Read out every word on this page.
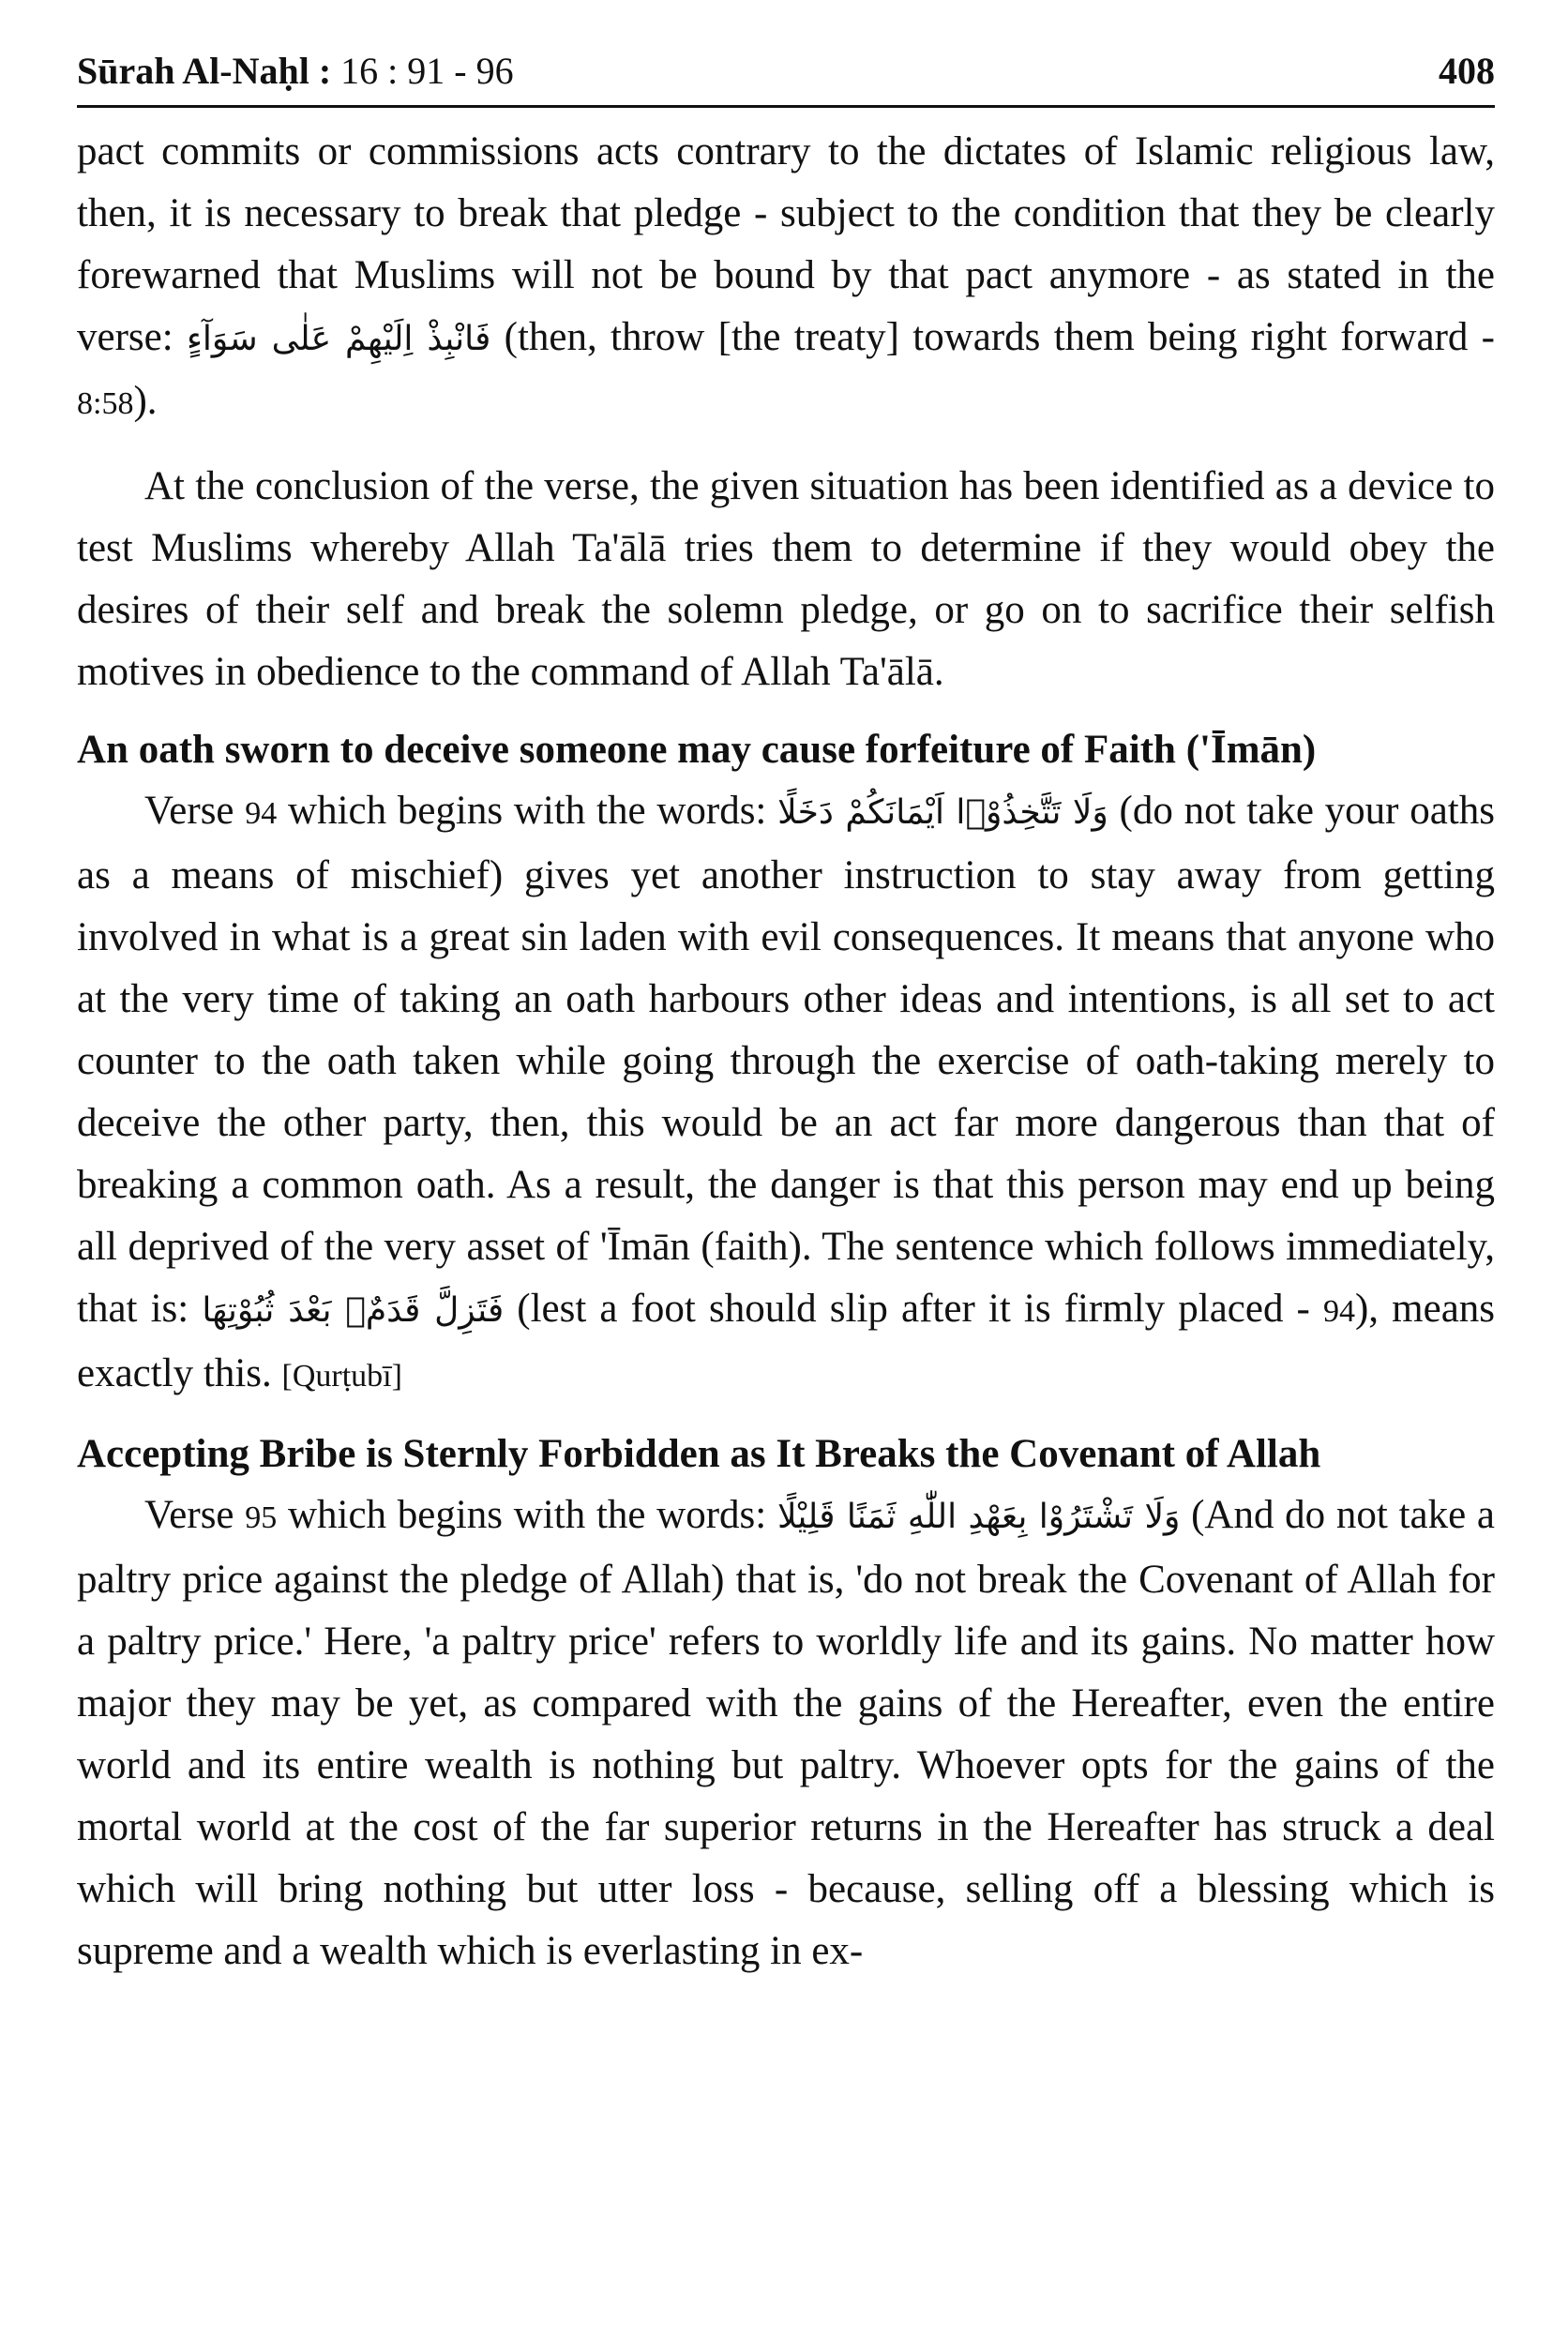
Sūrah Al-Naḥl : 16 : 91 - 96	408

pact commits or commissions acts contrary to the dictates of Islamic religious law, then, it is necessary to break that pledge - subject to the condition that they be clearly forewarned that Muslims will not be bound by that pact anymore - as stated in the verse: فَانْبِذْ اِلَيْهِمْ عَلٰى سَوَآءٍ (then, throw [the treaty] towards them being right forward - 8:58).

At the conclusion of the verse, the given situation has been identified as a device to test Muslims whereby Allah Ta'ālā tries them to determine if they would obey the desires of their self and break the solemn pledge, or go on to sacrifice their selfish motives in obedience to the command of Allah Ta'ālā.

An oath sworn to deceive someone may cause forfeiture of Faith ('Īmān)

Verse 94 which begins with the words: وَلَا تَتَّخِذُوْۤا اَيْمَانَكُمْ دَخَلًا (do not take your oaths as a means of mischief) gives yet another instruction to stay away from getting involved in what is a great sin laden with evil consequences. It means that anyone who at the very time of taking an oath harbours other ideas and intentions, is all set to act counter to the oath taken while going through the exercise of oath-taking merely to deceive the other party, then, this would be an act far more dangerous than that of breaking a common oath. As a result, the danger is that this person may end up being all deprived of the very asset of 'Īmān (faith). The sentence which follows immediately, that is: فَتَزِلَّ قَدَمٌۢ بَعْدَ ثُبُوْتِهَا (lest a foot should slip after it is firmly placed - 94), means exactly this. [Qurṭubī]

Accepting Bribe is Sternly Forbidden as It Breaks the Covenant of Allah

Verse 95 which begins with the words: وَلَا تَشْتَرُوْا بِعَهْدِ اللّٰهِ ثَمَنًا قَلِيْلًا (And do not take a paltry price against the pledge of Allah) that is, 'do not break the Covenant of Allah for a paltry price.' Here, 'a paltry price' refers to worldly life and its gains. No matter how major they may be yet, as compared with the gains of the Hereafter, even the entire world and its entire wealth is nothing but paltry. Whoever opts for the gains of the mortal world at the cost of the far superior returns in the Hereafter has struck a deal which will bring nothing but utter loss - because, selling off a blessing which is supreme and a wealth which is everlasting in ex-
